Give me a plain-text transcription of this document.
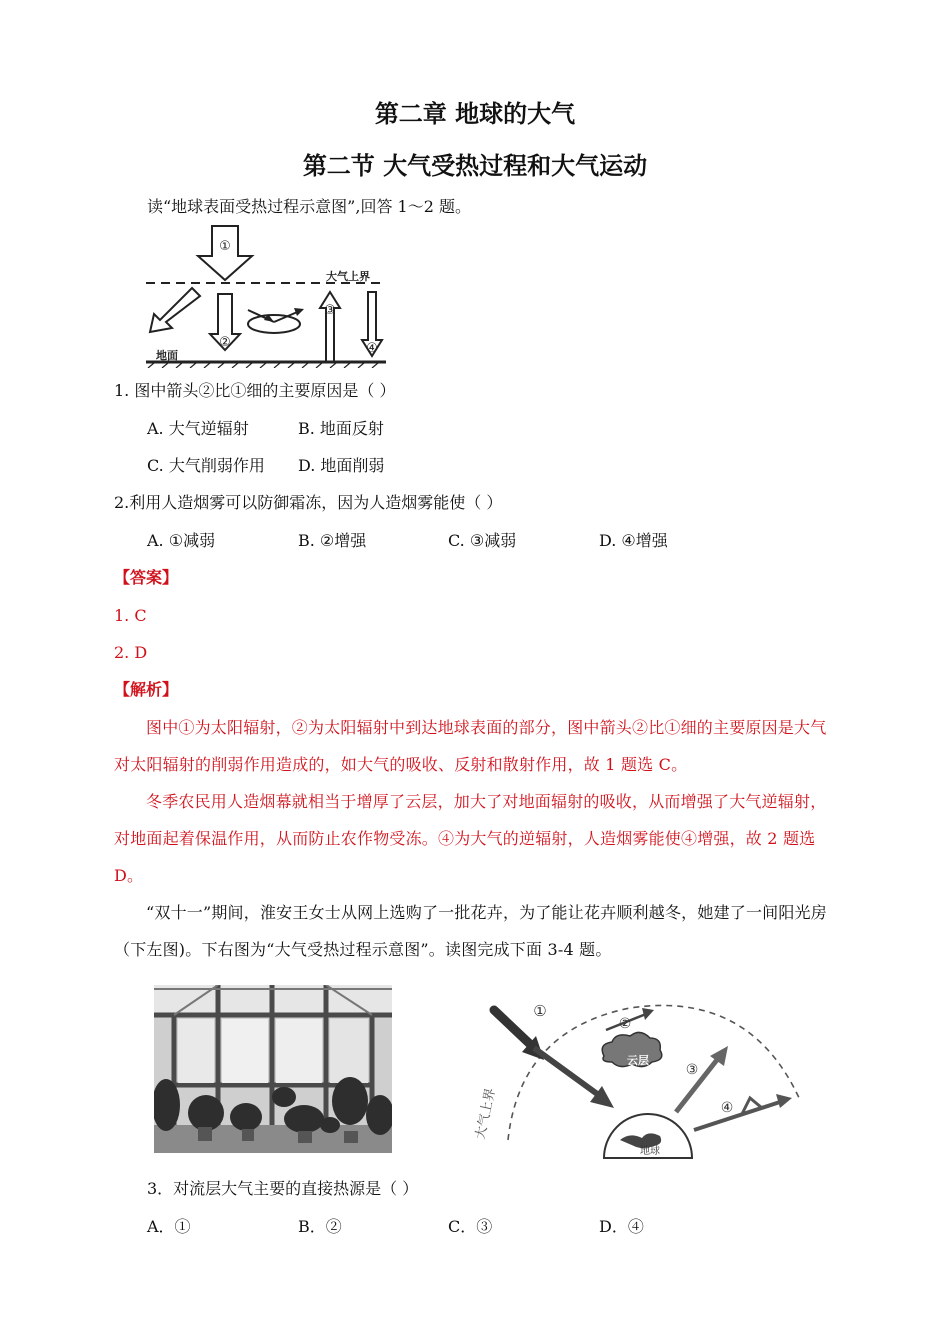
第二章 地球的大气
第二节 大气受热过程和大气运动
读“地球表面受热过程示意图”,回答 1～2 题。
大气上界
地面
①
②
③
④
1. 图中箭头②比①细的主要原因是（ ）
A. 大气逆辐射	B. 地面反射
C. 大气削弱作用 D. 地面削弱
2.利用人造烟雾可以防御霜冻，因为人造烟雾能使（ ）
A. ①减弱	B. ②增强	C. ③减弱	D. ④增强
【答案】
1. C
2. D
【解析】
图中①为太阳辐射，②为太阳辐射中到达地球表面的部分，图中箭头②比①细的主要原因是大气对太阳辐射的削弱作用造成的，如大气的吸收、反射和散射作用，故 1 题选 C。
冬季农民用人造烟幕就相当于增厚了云层，加大了对地面辐射的吸收，从而增强了大气逆辐射，对地面起着保温作用，从而防止农作物受冻。④为大气的逆辐射，人造烟雾能使④增强，故 2 题选 D。
“双十一”期间，淮安王女士从网上选购了一批花卉，为了能让花卉顺利越冬，她建了一间阳光房（下左图)。下右图为“大气受热过程示意图”。读图完成下面 3-4 题。
①
②
③
④
云层
地球
大气上界
3．对流层大气主要的直接热源是（ ）
A．①	B．②	C．③	D．④
